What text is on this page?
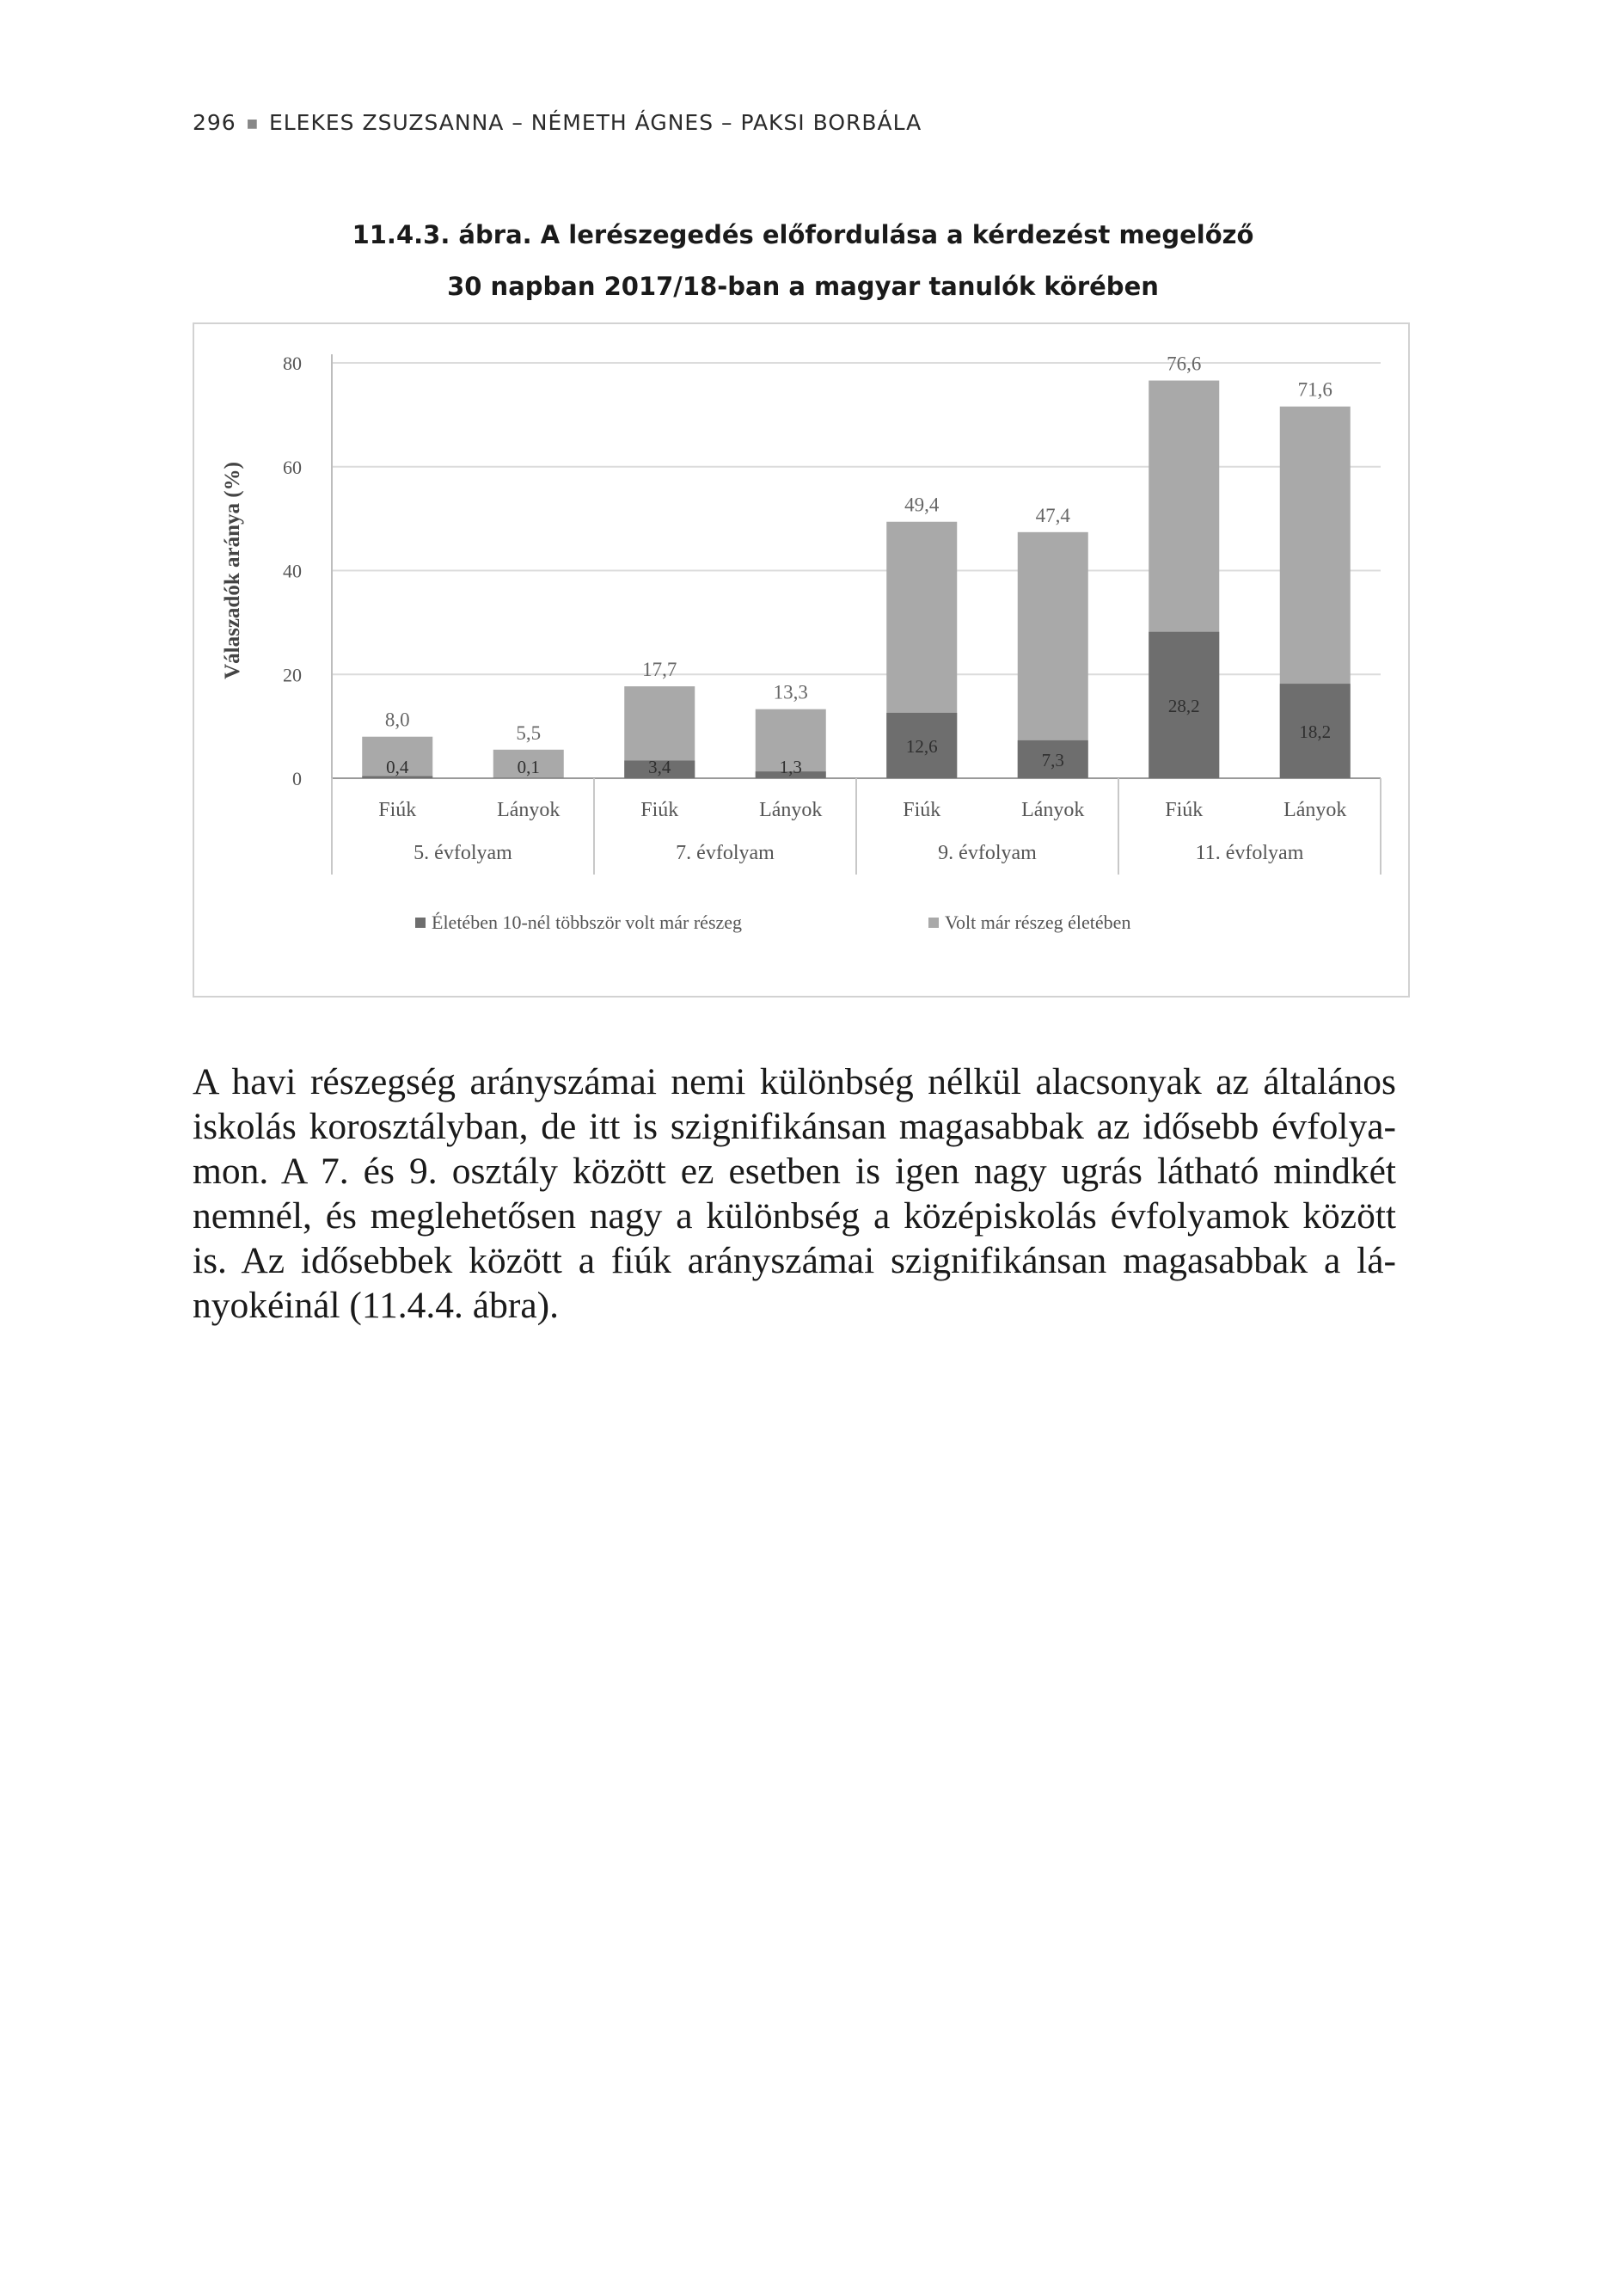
296 ■ ELEKES ZSUZSANNA – NÉMETH ÁGNES – PAKSI BORBÁLA
11.4.3. ábra. A lerészegedés előfordulása a kérdezést megelőző
30 napban 2017/18-ban a magyar tanulók körében
0
20
40
60
80
Válaszadók aránya (%)
8,0
0,4
Fiúk
5,5
0,1
Lányok
17,7
3,4
Fiúk
13,3
1,3
Lányok
49,4
12,6
Fiúk
47,4
7,3
Lányok
76,6
28,2
Fiúk
71,6
18,2
Lányok
5. évfolyam	7. évfolyam	9. évfolyam	11. évfolyam
Életében 10-nél többször volt már részeg	Volt már részeg életében
A havi részegség arányszámai nemi különbség nélkül alacsonyak az általános
iskolás korosztályban, de itt is szignifikánsan magasabbak az idősebb évfolya-
mon. A 7. és 9. osztály között ez esetben is igen nagy ugrás látható mindkét
nemnél, és meglehetősen nagy a különbség a középiskolás évfolyamok között
is. Az idősebbek között a fiúk arányszámai szignifikánsan magasabbak a lá-
nyokéinál (11.4.4. ábra).
